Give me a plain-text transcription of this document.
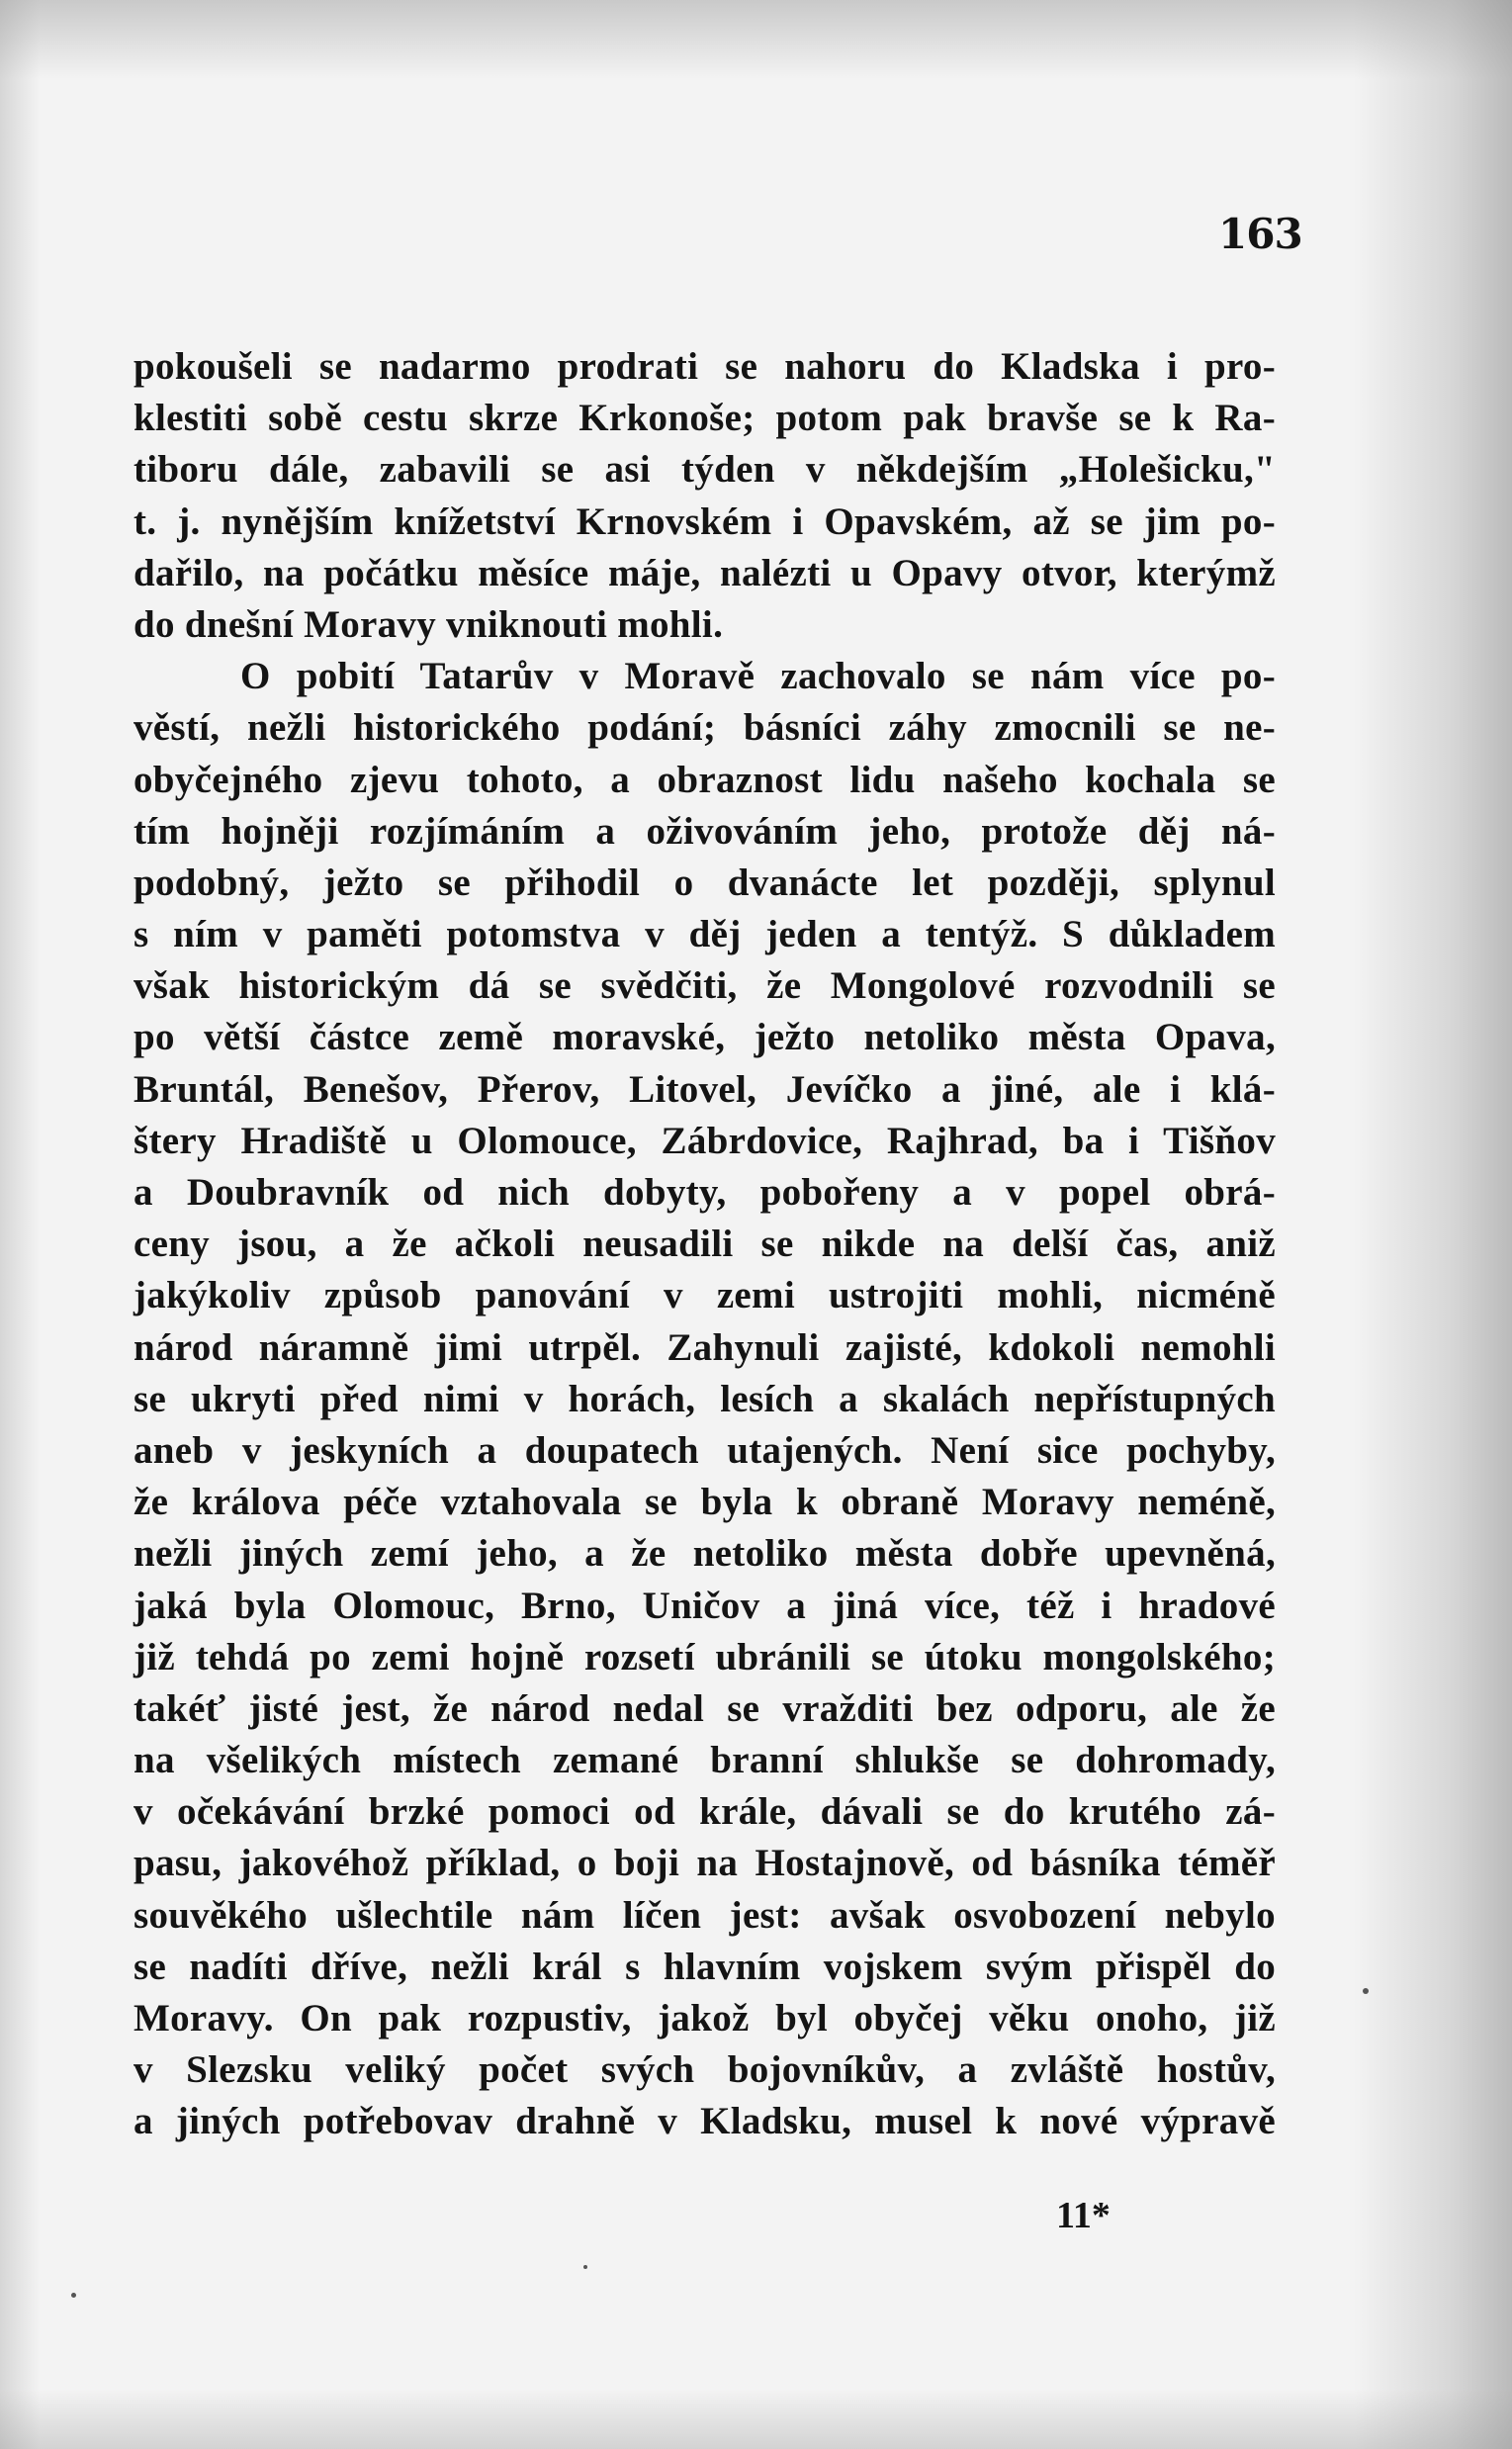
163
pokoušeli se nadarmo prodrati se nahoru do Kladska i pro-
klestiti sobě cestu skrze Krkonoše; potom pak bravše se k Ra-
tiboru dále, zabavili se asi týden v někdejším „Holešicku,"
t. j. nynějším knížetství Krnovském i Opavském, až se jim po-
dařilo, na počátku měsíce máje, nalézti u Opavy otvor, kterýmž
do dnešní Moravy vniknouti mohli.
O pobití Tatarův v Moravě zachovalo se nám více po-
věstí, nežli historického podání; básníci záhy zmocnili se ne-
obyčejného zjevu tohoto, a obraznost lidu našeho kochala se
tím hojněji rozjímáním a oživováním jeho, protože děj ná-
podobný, ježto se přihodil o dvanácte let později, splynul
s ním v paměti potomstva v děj jeden a tentýž. S důkladem
však historickým dá se svědčiti, že Mongolové rozvodnili se
po větší částce země moravské, ježto netoliko města Opava,
Bruntál, Benešov, Přerov, Litovel, Jevíčko a jiné, ale i klá-
štery Hradiště u Olomouce, Zábrdovice, Rajhrad, ba i Tišňov
a Doubravník od nich dobyty, pobořeny a v popel obrá-
ceny jsou, a že ačkoli neusadili se nikde na delší čas, aniž
jakýkoliv způsob panování v zemi ustrojiti mohli, nicméně
národ náramně jimi utrpěl. Zahynuli zajisté, kdokoli nemohli
se ukryti před nimi v horách, lesích a skalách nepřístupných
aneb v jeskyních a doupatech utajených. Není sice pochyby,
že králova péče vztahovala se byla k obraně Moravy neméně,
nežli jiných zemí jeho, a že netoliko města dobře upevněná,
jaká byla Olomouc, Brno, Uničov a jiná více, též i hradové
již tehdá po zemi hojně rozsetí ubránili se útoku mongolského;
takéť jisté jest, že národ nedal se vražditi bez odporu, ale že
na všelikých místech zemané branní shlukše se dohromady,
v očekávání brzké pomoci od krále, dávali se do krutého zá-
pasu, jakovéhož příklad, o boji na Hostajnově, od básníka téměř
souvěkého ušlechtile nám líčen jest: avšak osvobození nebylo
se nadíti dříve, nežli král s hlavním vojskem svým přispěl do
Moravy. On pak rozpustiv, jakož byl obyčej věku onoho, již
v Slezsku veliký počet svých bojovníkův, a zvláště hostův,
a jiných potřebovav drahně v Kladsku, musel k nové výpravě
11*
